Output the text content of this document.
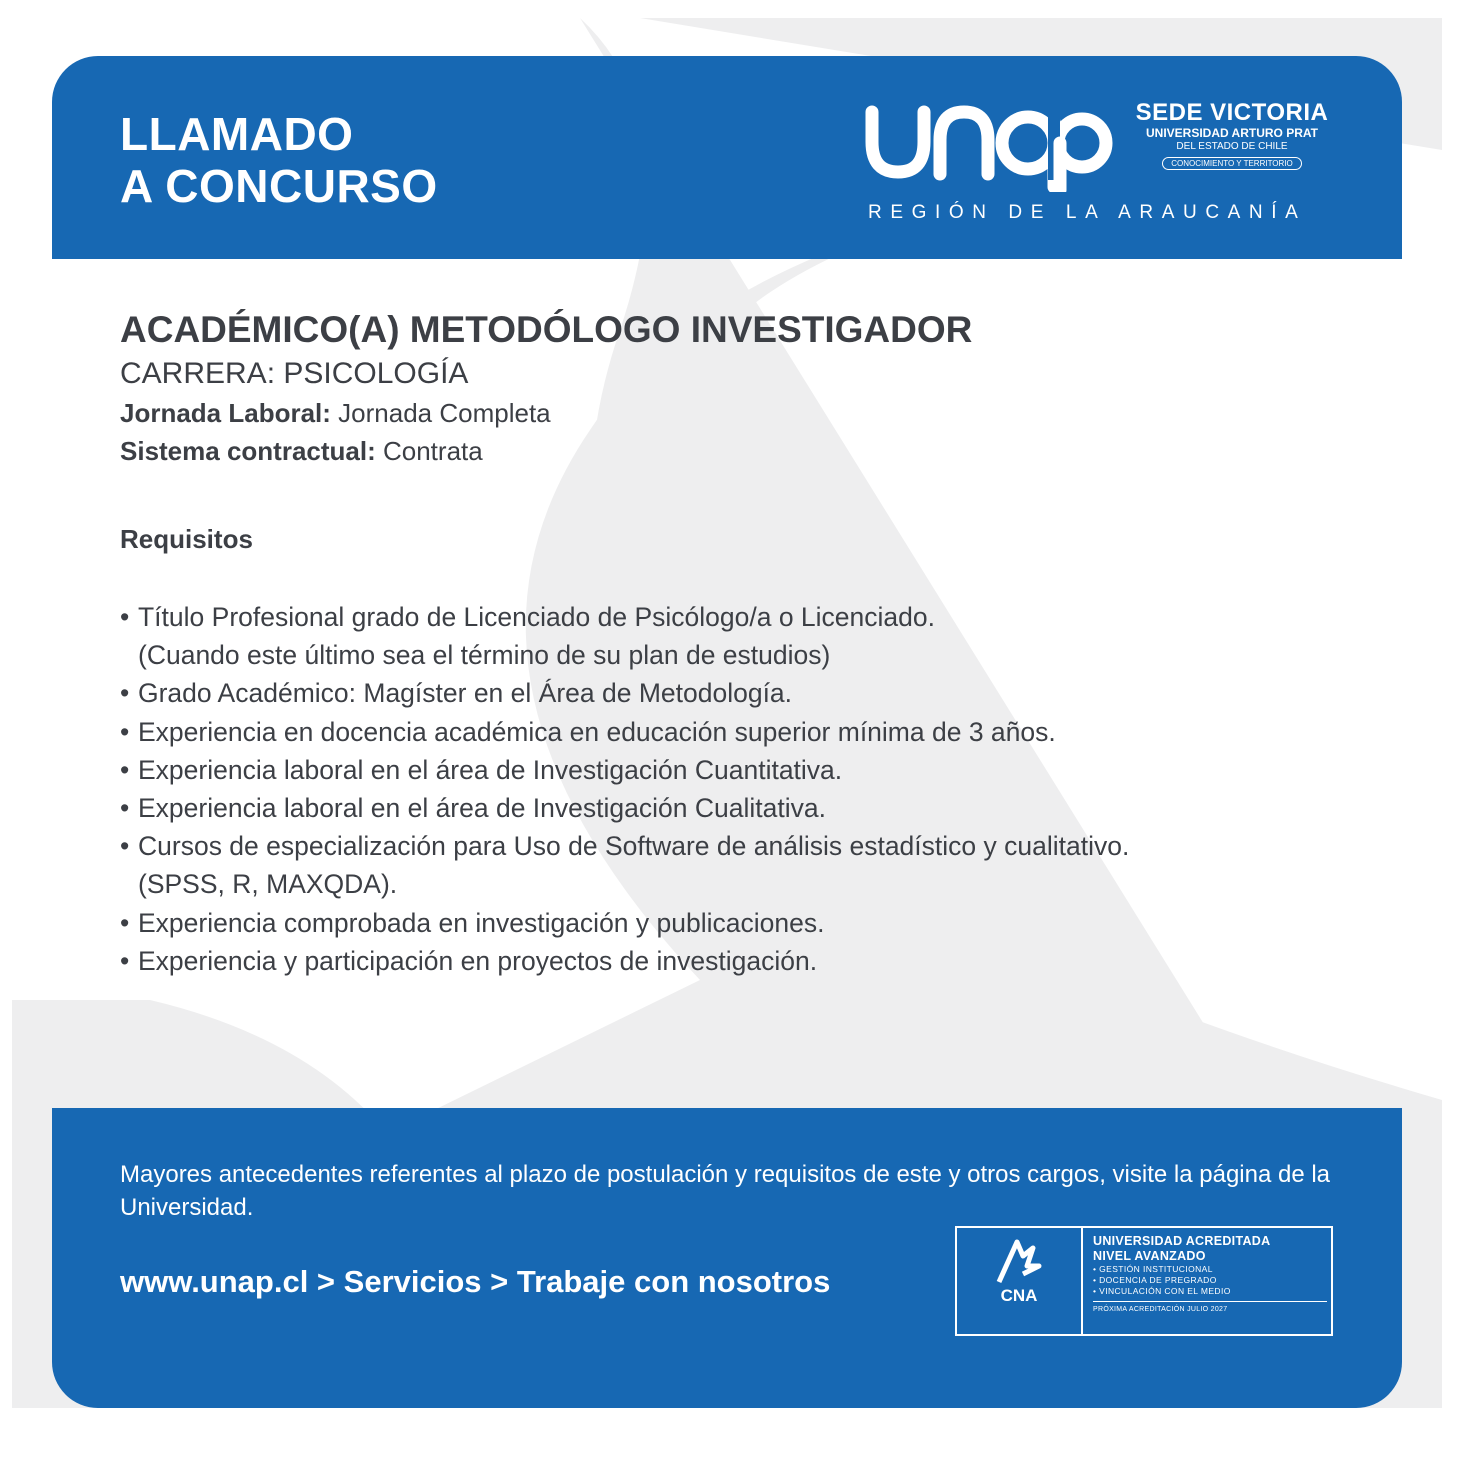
LLAMADO
A CONCURSO
SEDE VICTORIA
UNIVERSIDAD ARTURO PRAT
DEL ESTADO DE CHILE
CONOCIMIENTO Y TERRITORIO
REGIÓN DE LA ARAUCANÍA
ACADÉMICO(A) METODÓLOGO INVESTIGADOR
CARRERA: PSICOLOGÍA
Jornada Laboral: Jornada Completa
Sistema contractual: Contrata
Requisitos
• Título Profesional grado de Licenciado de Psicólogo/a o Licenciado.
(Cuando este último sea el término de su plan de estudios)
• Grado Académico: Magíster en el Área de Metodología.
• Experiencia en docencia académica en educación superior mínima de 3 años.
• Experiencia laboral en el área de Investigación Cuantitativa.
• Experiencia laboral en el área de Investigación Cualitativa.
• Cursos de especialización para Uso de Software de análisis estadístico y cualitativo.
(SPSS, R, MAXQDA).
• Experiencia comprobada en investigación y publicaciones.
• Experiencia y participación en proyectos de investigación.

Mayores antecedentes referentes al plazo de postulación y requisitos de este y otros cargos, visite la página de la Universidad.

www.unap.cl > Servicios > Trabaje con nosotros	CNA
UNIVERSIDAD ACREDITADA
NIVEL AVANZADO
• GESTIÓN INSTITUCIONAL
• DOCENCIA DE PREGRADO
• VINCULACIÓN CON EL MEDIO
PRÓXIMA ACREDITACIÓN JULIO 2027
